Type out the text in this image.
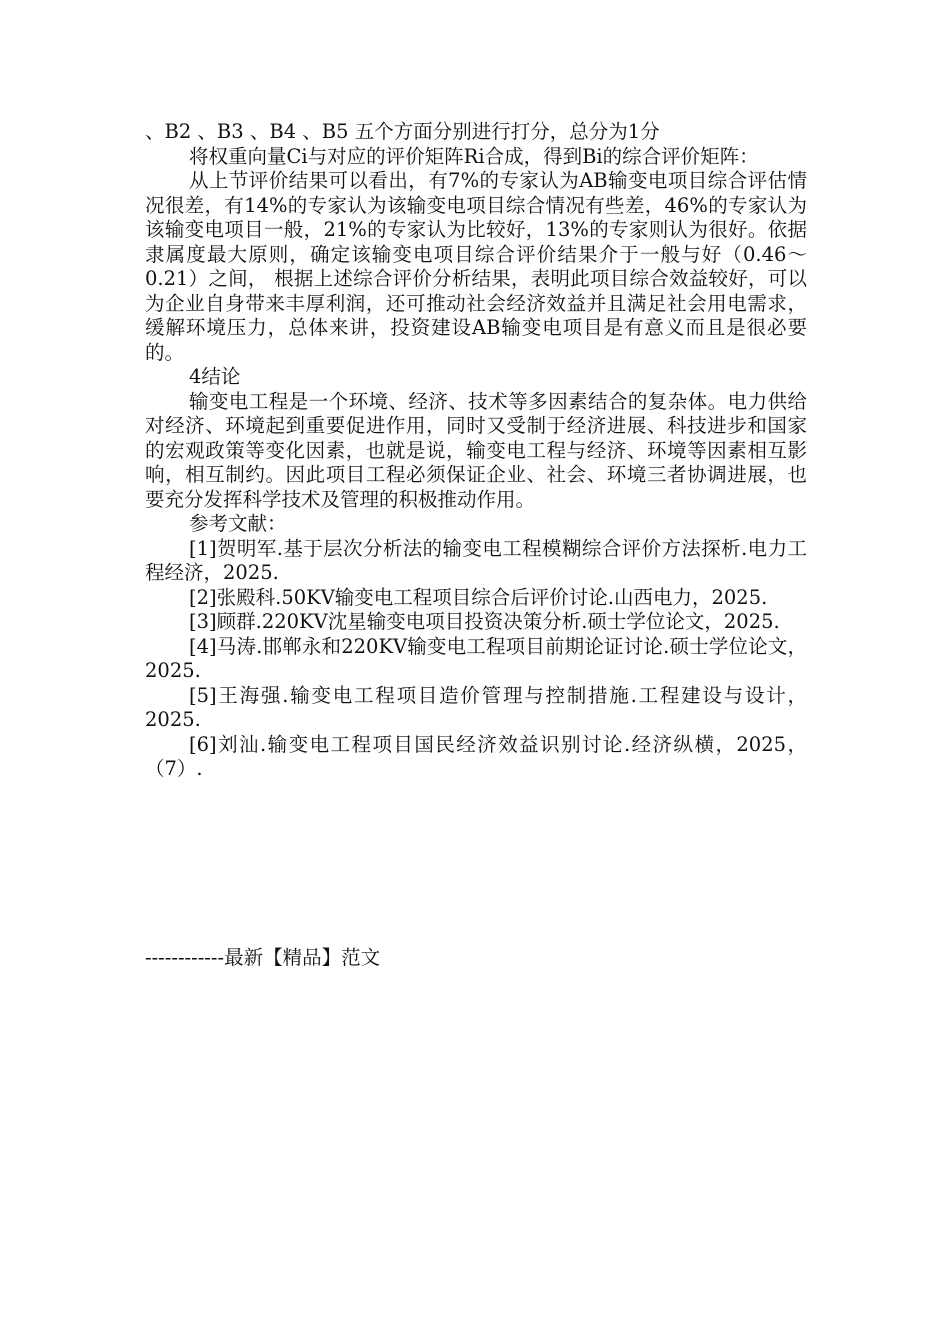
、B2 、B3 、B4 、B5 五个方面分别进行打分，总分为1分

将权重向量Ci与对应的评价矩阵Ri合成，得到Bi的综合评价矩阵：

从上节评价结果可以看出，有7%的专家认为AB输变电项目综合评估情况很差，有14%的专家认为该输变电项目综合情况有些差，46%的专家认为该输变电项目一般，21%的专家认为比较好，13%的专家则认为很好。依据隶属度最大原则，确定该输变电项目综合评价结果介于一般与好（0.46～0.21）之间， 根据上述综合评价分析结果，表明此项目综合效益较好，可以为企业自身带来丰厚利润，还可推动社会经济效益并且满足社会用电需求，缓解环境压力，总体来讲，投资建设AB输变电项目是有意义而且是很必要的。

4结论

输变电工程是一个环境、经济、技术等多因素结合的复杂体。电力供给对经济、环境起到重要促进作用，同时又受制于经济进展、科技进步和国家的宏观政策等变化因素，也就是说，输变电工程与经济、环境等因素相互影响，相互制约。因此项目工程必须保证企业、社会、环境三者协调进展，也要充分发挥科学技术及管理的积极推动作用。

参考文献：

[1]贺明军.基于层次分析法的输变电工程模糊综合评价方法探析.电力工程经济，2025.

[2]张殿科.50KV输变电工程项目综合后评价讨论.山西电力，2025.

[3]顾群.220KV沈星输变电项目投资决策分析.硕士学位论文，2025.

[4]马涛.邯郸永和220KV输变电工程项目前期论证讨论.硕士学位论文，2025.

[5]王海强.输变电工程项目造价管理与控制措施.工程建设与设计，2025.

[6]刘汕.输变电工程项目国民经济效益识别讨论.经济纵横，2025，（7）.

------------最新【精品】范文
